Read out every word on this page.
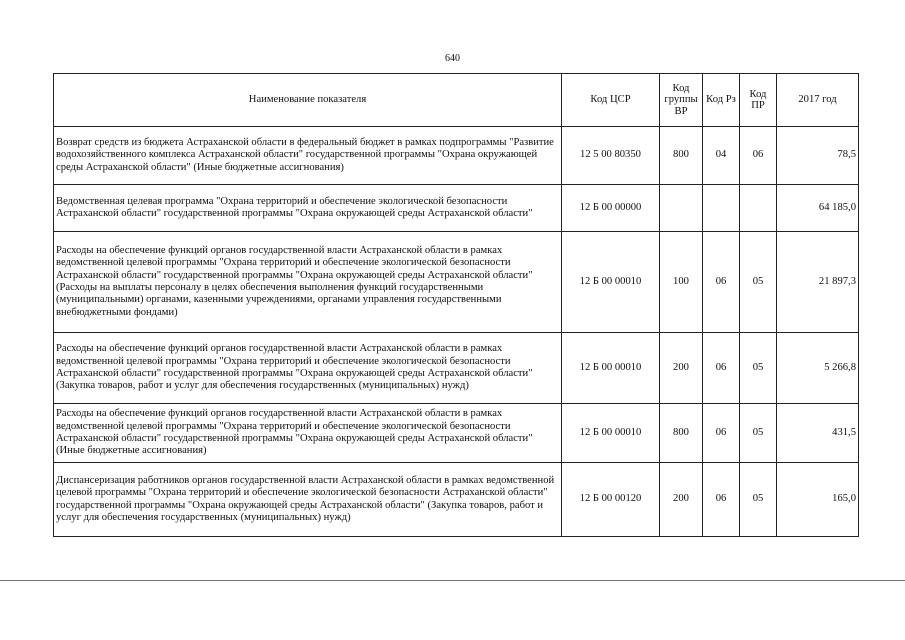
640
Наименование показателя	Код ЦСР	Код группы ВР	Код Рз	Код ПР	2017 год
Возврат средств из бюджета Астраханской области в федеральный бюджет в рамках подпрограммы "Развитие водохозяйственного комплекса Астраханской области" государственной программы "Охрана окружающей среды Астраханской области" (Иные бюджетные ассигнования)	12 5 00 80350	800	04	06	78,5
Ведомственная целевая программа "Охрана территорий и обеспечение экологической безопасности Астраханской области" государственной программы "Охрана окружающей среды Астраханской области"	12 Б 00 00000				64 185,0
Расходы на обеспечение функций органов государственной власти Астраханской области в рамках ведомственной целевой программы "Охрана территорий и обеспечение экологической безопасности Астраханской области" государственной программы "Охрана окружающей среды Астраханской области" (Расходы на выплаты персоналу в целях обеспечения выполнения функций государственными (муниципальными) органами, казенными учреждениями, органами управления государственными внебюджетными фондами)	12 Б 00 00010	100	06	05	21 897,3
Расходы на обеспечение функций органов государственной власти Астраханской области в рамках ведомственной целевой программы "Охрана территорий и обеспечение экологической безопасности Астраханской области" государственной программы "Охрана окружающей среды Астраханской области" (Закупка товаров, работ и услуг для обеспечения государственных (муниципальных) нужд)	12 Б 00 00010	200	06	05	5 266,8
Расходы на обеспечение функций органов государственной власти Астраханской области в рамках ведомственной целевой программы "Охрана территорий и обеспечение экологической безопасности Астраханской области" государственной программы "Охрана окружающей среды Астраханской области" (Иные бюджетные ассигнования)	12 Б 00 00010	800	06	05	431,5
Диспансеризация работников органов государственной власти Астраханской области в рамках ведомственной целевой программы "Охрана территорий и обеспечение экологической безопасности Астраханской области" государственной программы "Охрана окружающей среды Астраханской области" (Закупка товаров, работ и услуг для обеспечения государственных (муниципальных) нужд)	12 Б 00 00120	200	06	05	165,0
